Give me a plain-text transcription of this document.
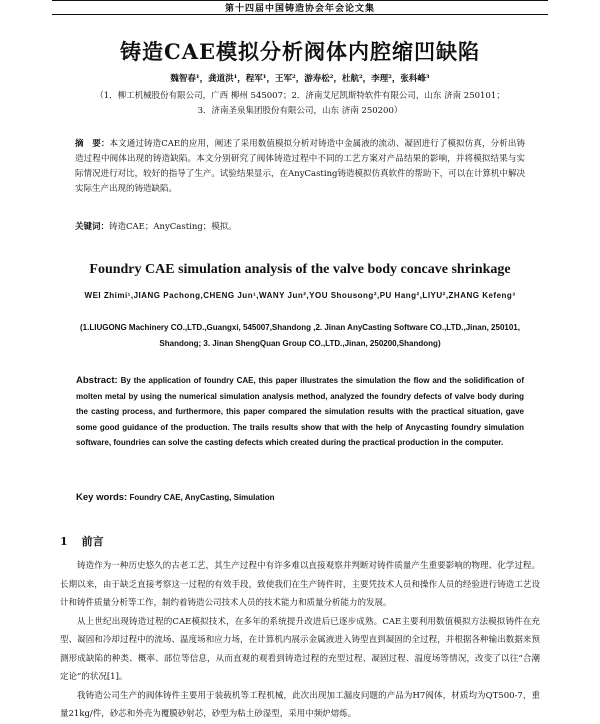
第十四届中国铸造协会年会论文集
铸造CAE模拟分析阀体内腔缩凹缺陷
魏智春¹，龚道洪¹，程军¹，王军²，游寿松²，杜航²，李理²，张科峰³
（1．柳工机械股份有限公司，广西 柳州 545007；2．济南艾尼凯斯特软件有限公司，山东 济南 250101；
3．济南圣泉集团股份有限公司，山东 济南 250200）
摘　要：本文通过铸造CAE的应用，阐述了采用数值模拟分析对铸造中金属液的流动、凝固进行了模拟仿真，分析出铸造过程中阀体出现的铸造缺陷。本文分别研究了阀体铸造过程中不同的工艺方案对产品结果的影响，并将模拟结果与实际情况进行对比，较好的指导了生产。试验结果显示，在AnyCasting铸造模拟仿真软件的帮助下，可以在计算机中解决实际生产出现的铸造缺陷。
关键词：铸造CAE；AnyCasting；模拟。
Foundry CAE simulation analysis of the valve body concave shrinkage
WEI Zhimi¹,JIANG Pachong,CHENG Jun¹,WANY Jun²,YOU Shousong²,PU Hang²,LIYU²,ZHANG Kefeng³
(1.LIUGONG Machinery CO.,LTD.,Guangxi, 545007,Shandong ,2. Jinan AnyCasting Software CO.,LTD.,Jinan, 250101, Shandong; 3. Jinan ShengQuan Group CO.,LTD.,Jinan, 250200,Shandong)
Abstract: By the application of foundry CAE, this paper illustrates the simulation the flow and the solidification of molten metal by using the numerical simulation analysis method, analyzed the foundry defects of valve body during the casting process, and furthermore, this paper compared the simulation results with the practical situation, gave some good guidance of the production. The trails results show that with the help of Anycasting foundry simulation software, foundries can solve the casting defects which created during the practical production in the computer.
Key words: Foundry CAE, AnyCasting, Simulation
1 前言

铸造作为一种历史悠久的古老工艺，其生产过程中有许多难以直接观察并判断对铸件质量产生重要影响的物理、化学过程。长期以来，由于缺乏直接考察这一过程的有效手段，致使我们在生产铸件时，主要凭技术人员和操作人员的经验进行铸造工艺设计和铸件质量分析等工作，制约着铸造公司技术人员的技术能力和质量分析能力的发展。

从上世纪出现铸造过程的CAE模拟技术，在多年的系统提升改进后已逐步成熟。CAE主要利用数值模拟方法模拟铸件在充型、凝固和冷却过程中的流场、温度场和应力场，在计算机内展示金属液进入铸型直到凝固的全过程，并根据各种输出数据来预测形成缺陷的种类、概率、部位等信息，从而直观的观看到铸造过程的充型过程、凝固过程、温度场等情况，改变了以往“合潮定论”的状况[1]。

我铸造公司生产的阀体铸件主要用于装载机等工程机械，此次出现加工漏皮问题的产品为H7阀体，材质均为QT500-7，重量21kg/件，砂芯和外壳为覆膜砂射芯，砂型为粘土砂湿型，采用中频炉熔炼。
